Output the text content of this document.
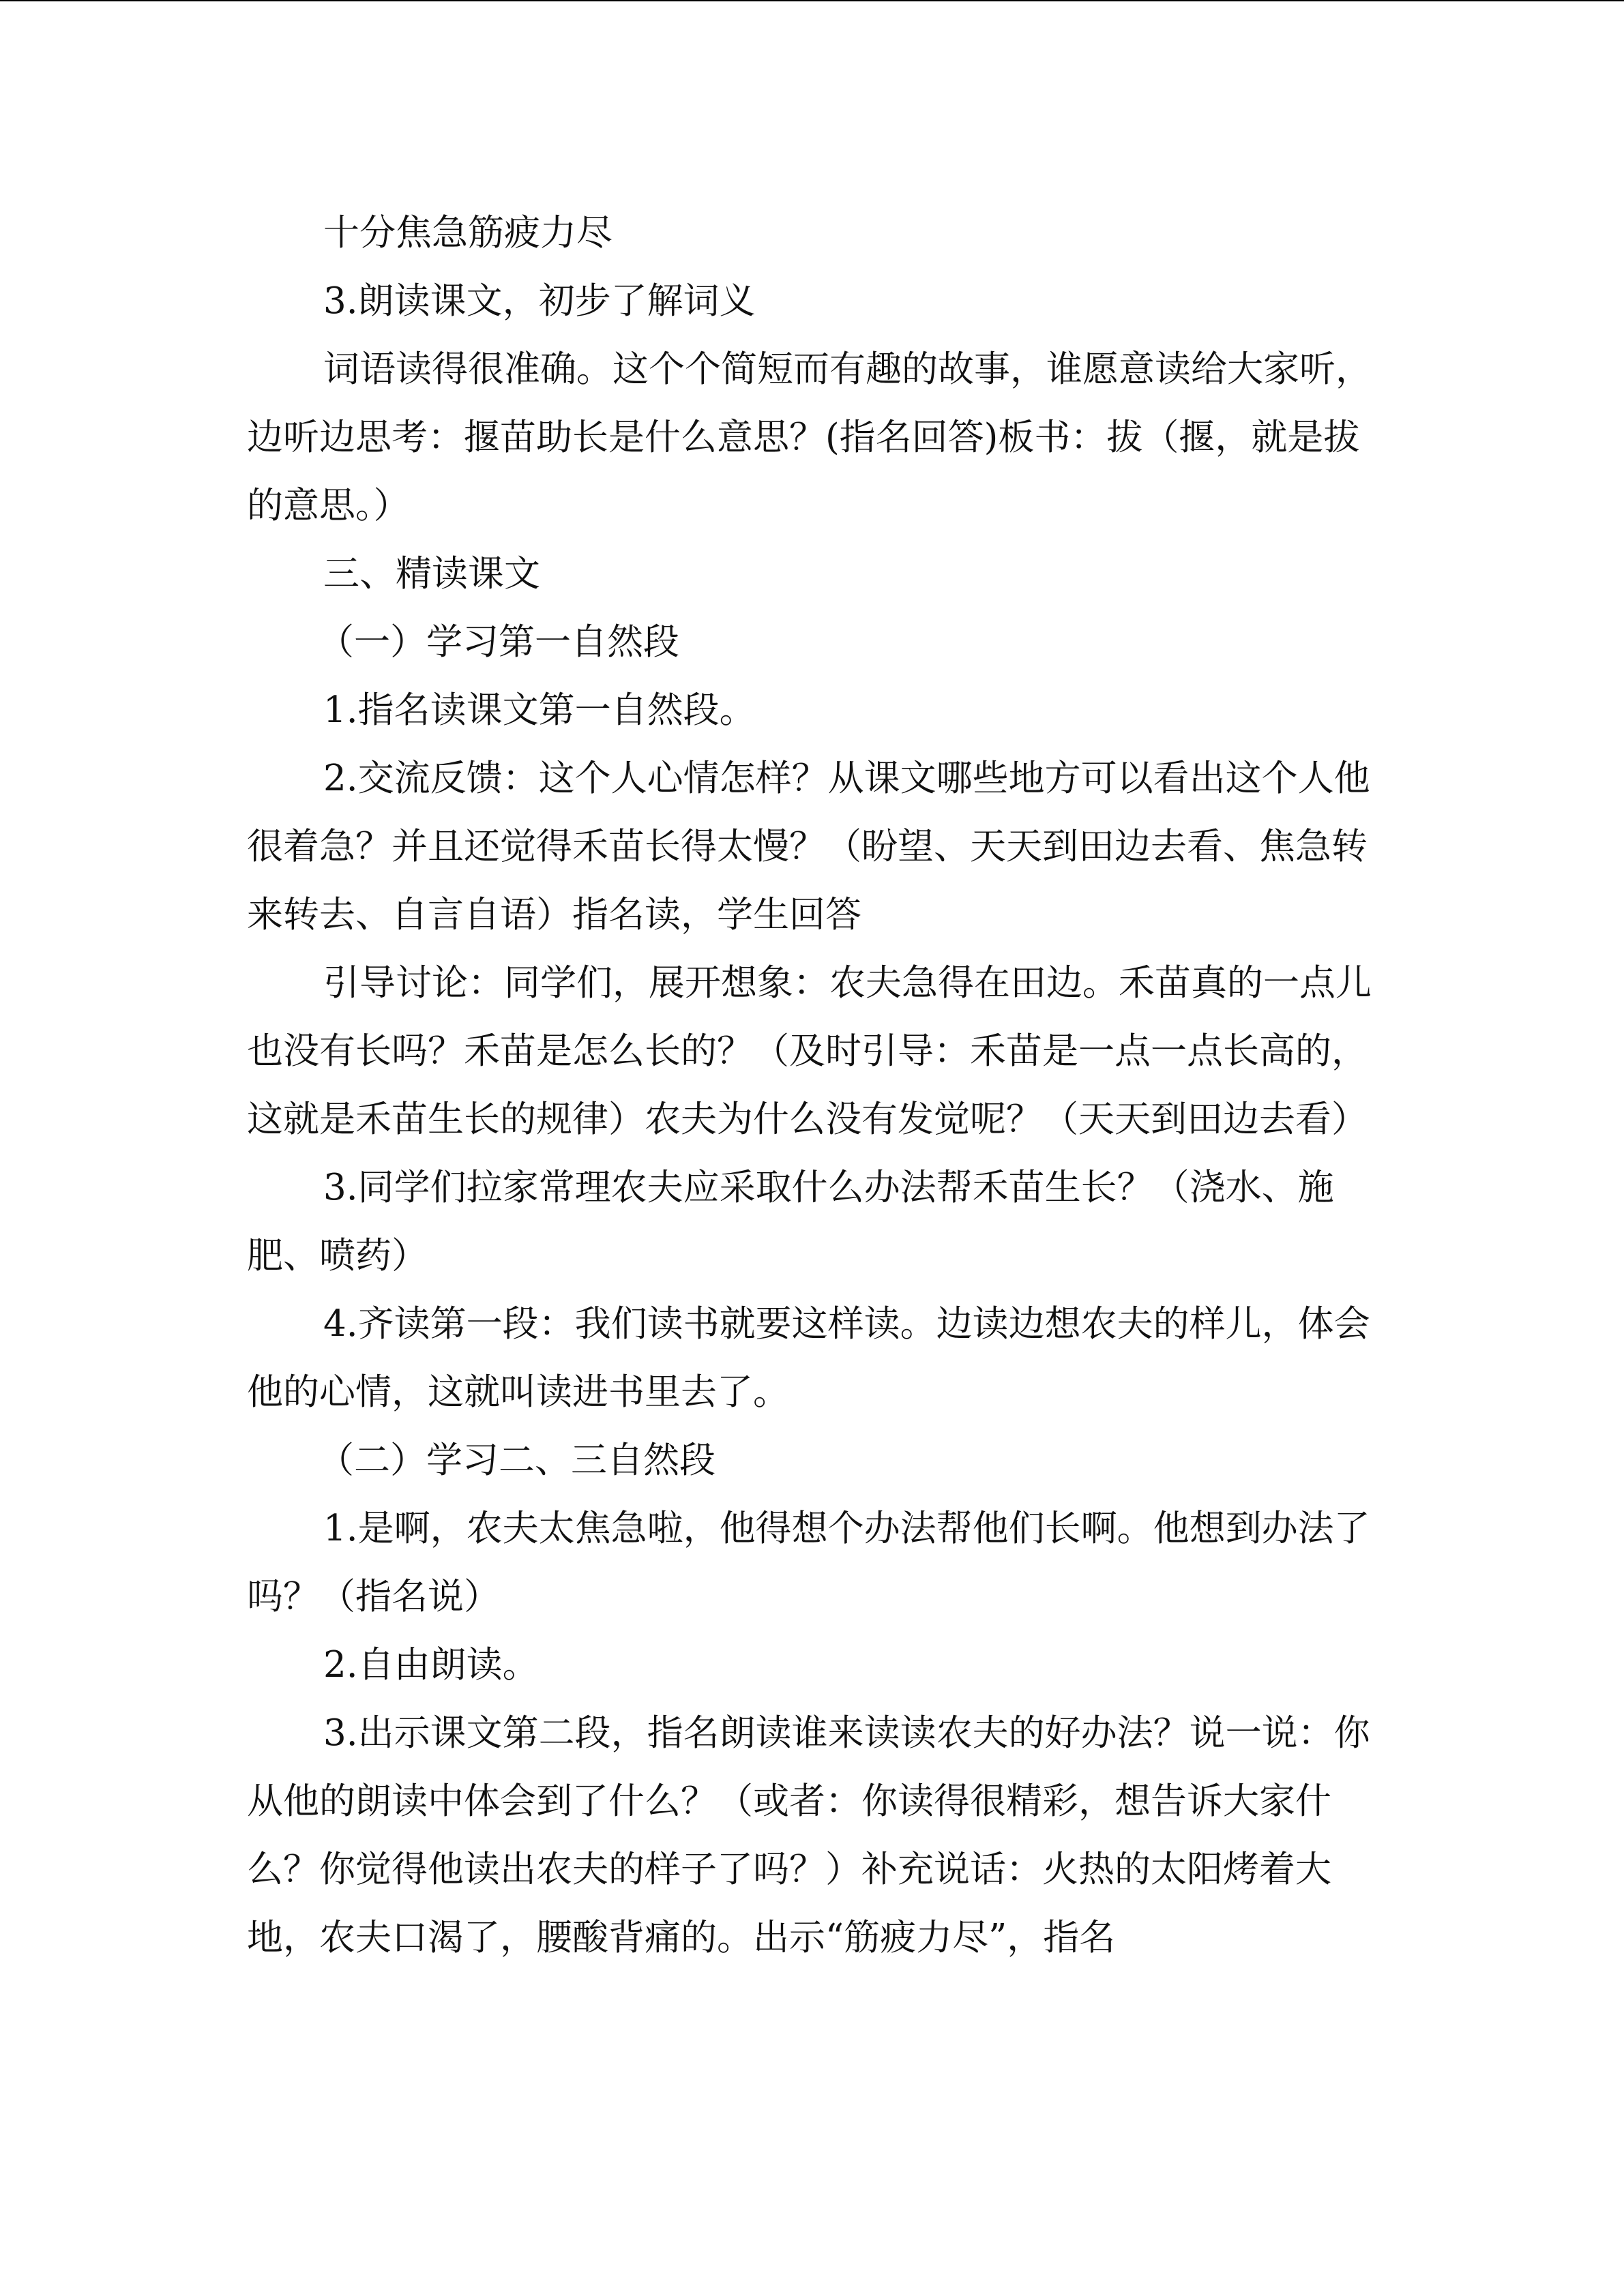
十分焦急筋疲力尽

3.朗读课文，初步了解词义

词语读得很准确。这个个简短而有趣的故事，谁愿意读给大家听，边听边思考：揠苗助长是什么意思？(指名回答)板书：拔（揠，就是拔的意思。）

三、精读课文

（一）学习第一自然段

1.指名读课文第一自然段。

2.交流反馈：这个人心情怎样？从课文哪些地方可以看出这个人他很着急？并且还觉得禾苗长得太慢？（盼望、天天到田边去看、焦急转来转去、自言自语）指名读，学生回答

引导讨论：同学们，展开想象：农夫急得在田边。禾苗真的一点儿也没有长吗？禾苗是怎么长的？（及时引导：禾苗是一点一点长高的，这就是禾苗生长的规律）农夫为什么没有发觉呢？（天天到田边去看）

3.同学们拉家常理农夫应采取什么办法帮禾苗生长？（浇水、施肥、喷药）

4.齐读第一段：我们读书就要这样读。边读边想农夫的样儿，体会他的心情，这就叫读进书里去了。

（二）学习二、三自然段

1.是啊，农夫太焦急啦，他得想个办法帮他们长啊。他想到办法了吗？（指名说）

2.自由朗读。

3.出示课文第二段，指名朗读谁来读读农夫的好办法？说一说：你从他的朗读中体会到了什么？（或者：你读得很精彩，想告诉大家什么？你觉得他读出农夫的样子了吗？）补充说话：火热的太阳烤着大地，农夫口渴了，腰酸背痛的。出示“筋疲力尽”，指名
